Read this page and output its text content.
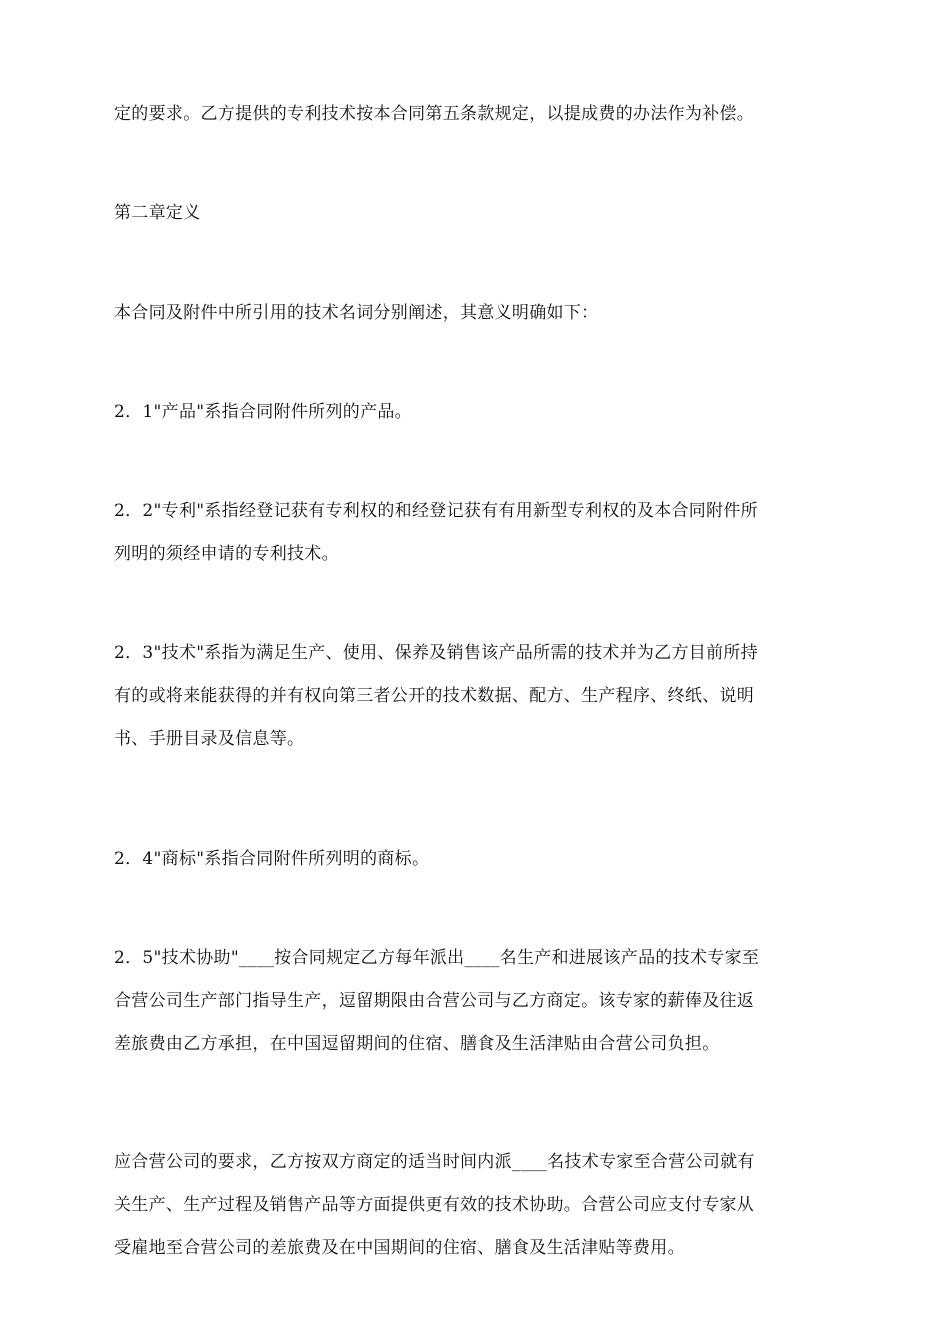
定的要求。乙方提供的专利技术按本合同第五条款规定，以提成费的办法作为补偿。

第二章定义

本合同及附件中所引用的技术名词分别阐述，其意义明确如下：

2．1"产品"系指合同附件所列的产品。

2．2"专利"系指经登记获有专利权的和经登记获有有用新型专利权的及本合同附件所
列明的须经申请的专利技术。

2．3"技术"系指为满足生产、使用、保养及销售该产品所需的技术并为乙方目前所持
有的或将来能获得的并有权向第三者公开的技术数据、配方、生产程序、终纸、说明
书、手册目录及信息等。

2．4"商标"系指合同附件所列明的商标。

2．5"技术协助"____按合同规定乙方每年派出____名生产和进展该产品的技术专家至
合营公司生产部门指导生产，逗留期限由合营公司与乙方商定。该专家的薪俸及往返
差旅费由乙方承担，在中国逗留期间的住宿、膳食及生活津贴由合营公司负担。

应合营公司的要求，乙方按双方商定的适当时间内派____名技术专家至合营公司就有
关生产、生产过程及销售产品等方面提供更有效的技术协助。合营公司应支付专家从
受雇地至合营公司的差旅费及在中国期间的住宿、膳食及生活津贴等费用。
